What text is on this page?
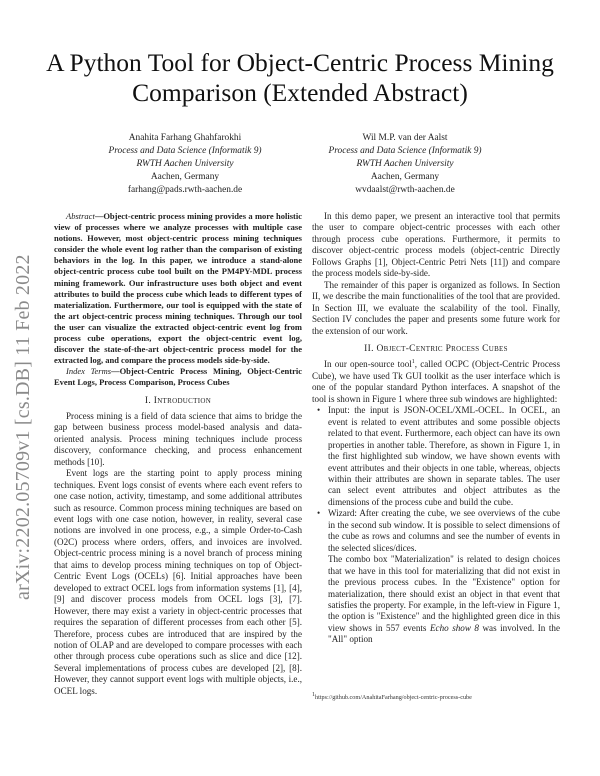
A Python Tool for Object-Centric Process Mining Comparison (Extended Abstract)
Anahita Farhang Ghahfarokhi
Process and Data Science (Informatik 9)
RWTH Aachen University
Aachen, Germany
farhang@pads.rwth-aachen.de
Wil M.P. van der Aalst
Process and Data Science (Informatik 9)
RWTH Aachen University
Aachen, Germany
wvdaalst@rwth-aachen.de
arXiv:2202.05709v1 [cs.DB] 11 Feb 2022

Abstract—Object-centric process mining provides a more holistic view of processes where we analyze processes with multiple case notions. However, most object-centric process mining techniques consider the whole event log rather than the comparison of existing behaviors in the log. In this paper, we introduce a stand-alone object-centric process cube tool built on the PM4PY-MDL process mining framework. Our infrastructure uses both object and event attributes to build the process cube which leads to different types of materialization. Furthermore, our tool is equipped with the state of the art object-centric process mining techniques. Through our tool the user can visualize the extracted object-centric event log from process cube operations, export the object-centric event log, discover the state-of-the-art object-centric process model for the extracted log, and compare the process models side-by-side.

Index Terms—Object-Centric Process Mining, Object-Centric Event Logs, Process Comparison, Process Cubes

I. Introduction

Process mining is a field of data science that aims to bridge the gap between business process model-based analysis and data-oriented analysis. Process mining techniques include process discovery, conformance checking, and process enhancement methods [10].

Event logs are the starting point to apply process mining techniques. Event logs consist of events where each event refers to one case notion, activity, timestamp, and some additional attributes such as resource. Common process mining techniques are based on event logs with one case notion, however, in reality, several case notions are involved in one process, e.g., a simple Order-to-Cash (O2C) process where orders, offers, and invoices are involved. Object-centric process mining is a novel branch of process mining that aims to develop process mining techniques on top of Object-Centric Event Logs (OCELs) [6]. Initial approaches have been developed to extract OCEL logs from information systems [1], [4], [9] and discover process models from OCEL logs [3], [7]. However, there may exist a variety in object-centric processes that requires the separation of different processes from each other [5]. Therefore, process cubes are introduced that are inspired by the notion of OLAP and are developed to compare processes with each other through process cube operations such as slice and dice [12]. Several implementations of process cubes are developed [2], [8]. However, they cannot support event logs with multiple objects, i.e., OCEL logs.

In this demo paper, we present an interactive tool that permits the user to compare object-centric processes with each other through process cube operations. Furthermore, it permits to discover object-centric process models (object-centric Directly Follows Graphs [1], Object-Centric Petri Nets [11]) and compare the process models side-by-side.

The remainder of this paper is organized as follows. In Section II, we describe the main functionalities of the tool that are provided. In Section III, we evaluate the scalability of the tool. Finally, Section IV concludes the paper and presents some future work for the extension of our work.

II. Object-Centric Process Cubes

In our open-source tool$^1$, called OCPC (Object-Centric Process Cube), we have used Tk GUI toolkit as the user interface which is one of the popular standard Python interfaces. A snapshot of the tool is shown in Figure 1 where three sub windows are highlighted:

• Input: the input is JSON-OCEL/XML-OCEL. In OCEL, an event is related to event attributes and some possible objects related to that event. Furthermore, each object can have its own properties in another table. Therefore, as shown in Figure 1, in the first highlighted sub window, we have shown events with event attributes and their objects in one table, whereas, objects within their attributes are shown in separate tables. The user can select event attributes and object attributes as the dimensions of the process cube and build the cube.
• Wizard: After creating the cube, we see overviews of the cube in the second sub window. It is possible to select dimensions of the cube as rows and columns and see the number of events in the selected slices/dices.

The combo box "Materialization" is related to design choices that we have in this tool for materializing that did not exist in the previous process cubes. In the "Existence" option for materialization, there should exist an object in that event that satisfies the property. For example, in the left-view in Figure 1, the option is "Existence" and the highlighted green dice in this view shows in 557 events Echo show 8 was involved. In the "All" option

$^1$https://github.com/AnahitaFarhang/object-centric-process-cube
